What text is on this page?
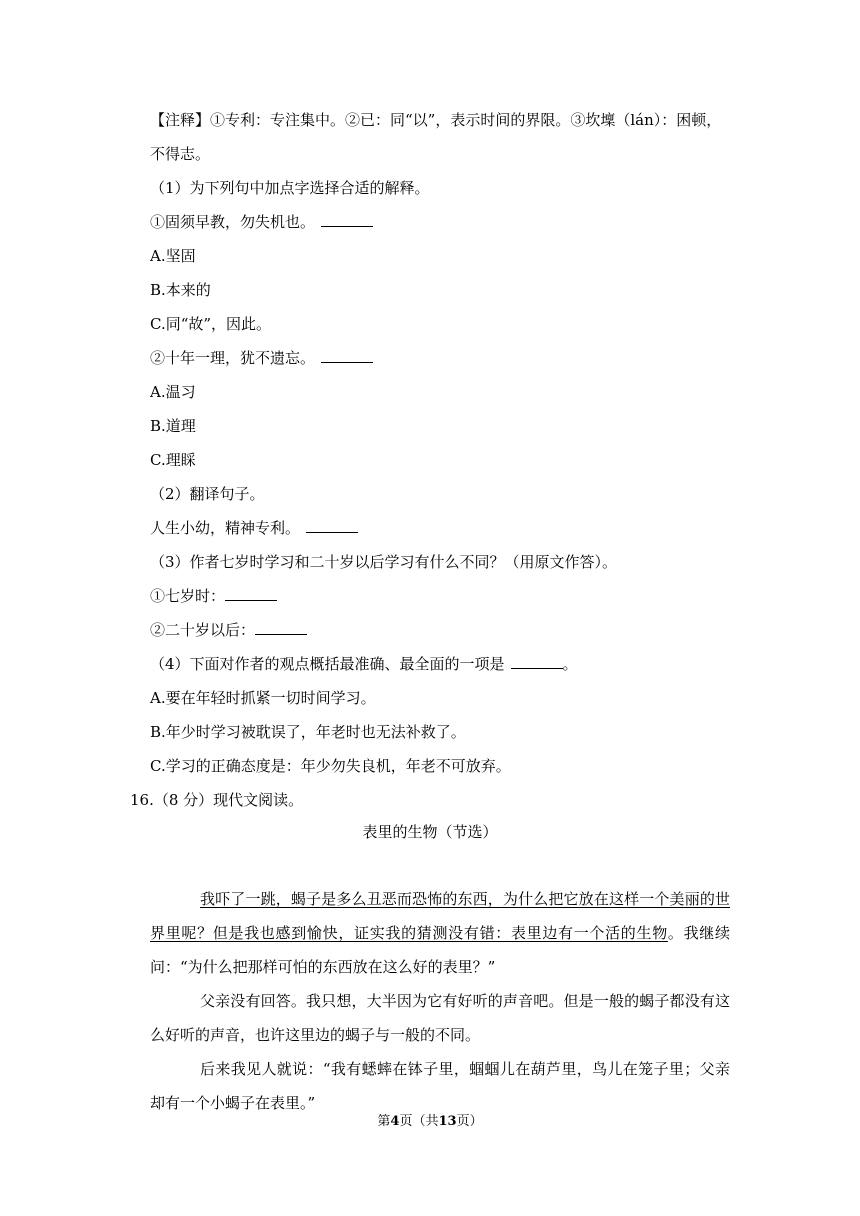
【注释】①专利：专注集中。②已：同“以”，表示时间的界限。③坎壈（lán）：困顿，
不得志。
（1）为下列句中加点字选择合适的解释。
①固须早教，勿失机也。
A.坚固
B.本来的
C.同“故”，因此。
②十年一理，犹不遗忘。
A.温习
B.道理
C.理睬
（2）翻译句子。
人生小幼，精神专利。
（3）作者七岁时学习和二十岁以后学习有什么不同？（用原文作答）。
①七岁时：
②二十岁以后：
（4）下面对作者的观点概括最准确、最全面的一项是	。
A.要在年轻时抓紧一切时间学习。
B.年少时学习被耽误了，年老时也无法补救了。
C.学习的正确态度是：年少勿失良机，年老不可放弃。
16.（8 分）现代文阅读。
表里的生物（节选）
我吓了一跳，蝎子是多么丑恶而恐怖的东西，为什么把它放在这样一个美丽的世界里呢？但是我也感到愉快，证实我的猜测没有错：表里边有一个活的生物。我继续问：“为什么把那样可怕的东西放在这么好的表里？”
父亲没有回答。我只想，大半因为它有好听的声音吧。但是一般的蝎子都没有这么好听的声音，也许这里边的蝎子与一般的不同。
后来我见人就说：“我有蟋蟀在钵子里，蝈蝈儿在葫芦里，鸟儿在笼子里；父亲却有一个小蝎子在表里。”
第4页（共13页）
